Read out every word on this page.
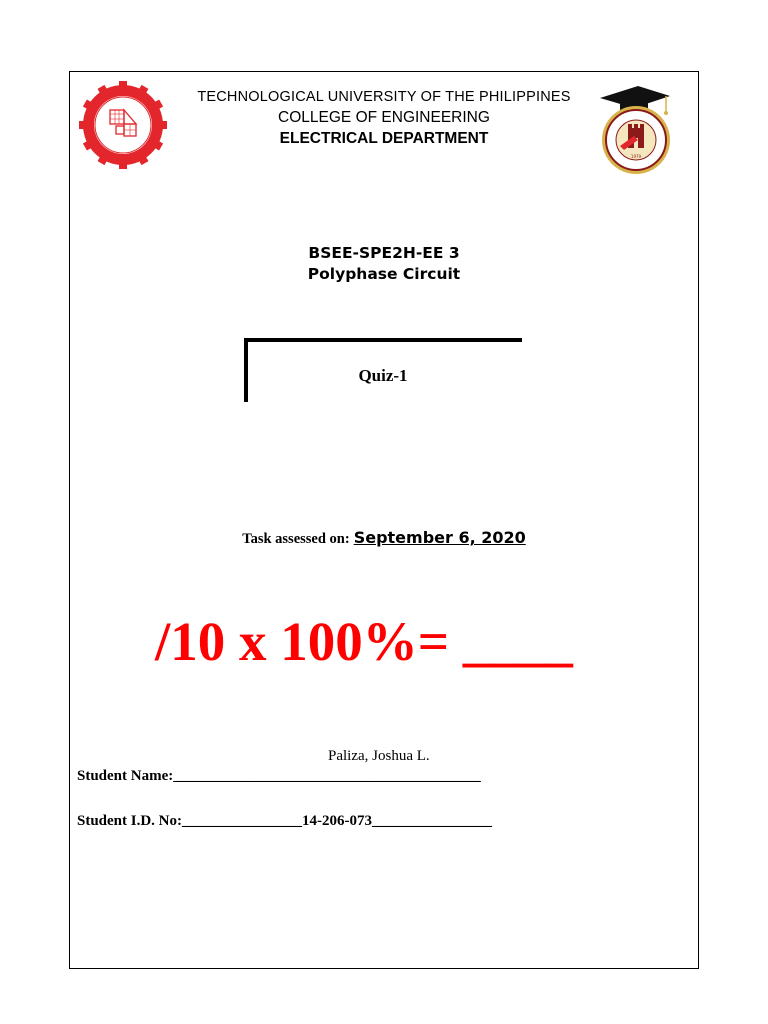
1901
1979
TECHNOLOGICAL UNIVERSITY OF THE PHILIPPINES
COLLEGE OF ENGINEERING
ELECTRICAL DEPARTMENT
BSEE-SPE2H-EE 3
Polyphase Circuit
Quiz-1
Task assessed on: September 6, 2020
/10 x 100%= ____
Paliza, Joshua L.
Student Name:_________________________________________
Student I.D. No:________________14-206-073________________
